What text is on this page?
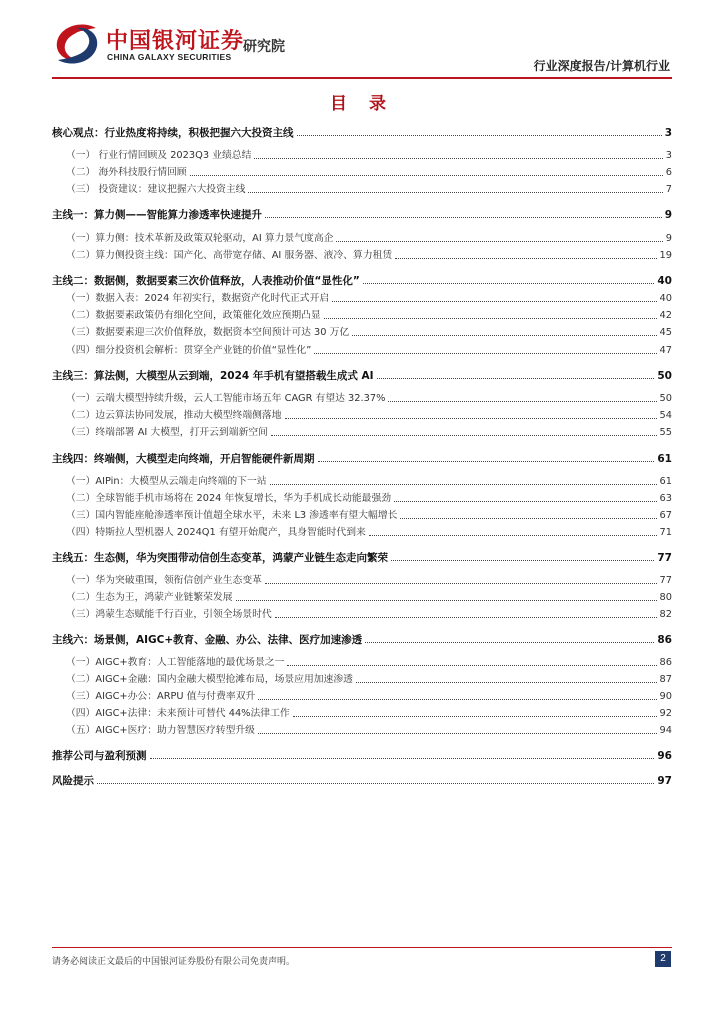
中国银河证券
CHINA GALAXY SECURITIES
研究院
行业深度报告/计算机行业
目 录
核心观点：行业热度将持续，积极把握六大投资主线	3
（一） 行业行情回顾及 2023Q3 业绩总结	3
（二） 海外科技股行情回顾	6
（三） 投资建议：建议把握六大投资主线	7
主线一：算力侧——智能算力渗透率快速提升	9
（一）算力侧：技术革新及政策双轮驱动，AI 算力景气度高企	9
（二）算力侧投资主线：国产化、高带宽存储、AI 服务器、液冷、算力租赁	19
主线二：数据侧，数据要素三次价值释放，人表推动价值“显性化”	40
（一）数据入表：2024 年初实行，数据资产化时代正式开启	40
（二）数据要素政策仍有细化空间，政策催化效应预期凸显	42
（三）数据要素迎三次价值释放，数据资本空间预计可达 30 万亿	45
（四）细分投资机会解析：贯穿全产业链的价值“显性化”	47
主线三：算法侧，大模型从云到端，2024 年手机有望搭载生成式 AI	50
（一）云端大模型持续升级，云人工智能市场五年 CAGR 有望达 32.37%	50
（二）边云算法协同发展，推动大模型终端侧落地	54
（三）终端部署 AI 大模型，打开云到端新空间	55
主线四：终端侧，大模型走向终端，开启智能硬件新周期	61
（一）AIPin：大模型从云端走向终端的下一站	61
（二）全球智能手机市场将在 2024 年恢复增长，华为手机成长动能最强劲	63
（三）国内智能座舱渗透率预计值超全球水平，未来 L3 渗透率有望大幅增长	67
（四）特斯拉人型机器人 2024Q1 有望开始爬产，具身智能时代到来	71
主线五：生态侧，华为突围带动信创生态变革，鸿蒙产业链生态走向繁荣	77
（一）华为突破重围，领衔信创产业生态变革	77
（二）生态为王，鸿蒙产业链繁荣发展	80
（三）鸿蒙生态赋能千行百业，引领全场景时代	82
主线六：场景侧，AIGC+教育、金融、办公、法律、医疗加速渗透	86
（一）AIGC+教育：人工智能落地的最优场景之一	86
（二）AIGC+金融：国内金融大模型抢滩布局，场景应用加速渗透	87
（三）AIGC+办公：ARPU 值与付费率双升	90
（四）AIGC+法律：未来预计可替代 44%法律工作	92
（五）AIGC+医疗：助力智慧医疗转型升级	94
推荐公司与盈利预测	96
风险提示	97
请务必阅读正文最后的中国银河证券股份有限公司免责声明。	2
